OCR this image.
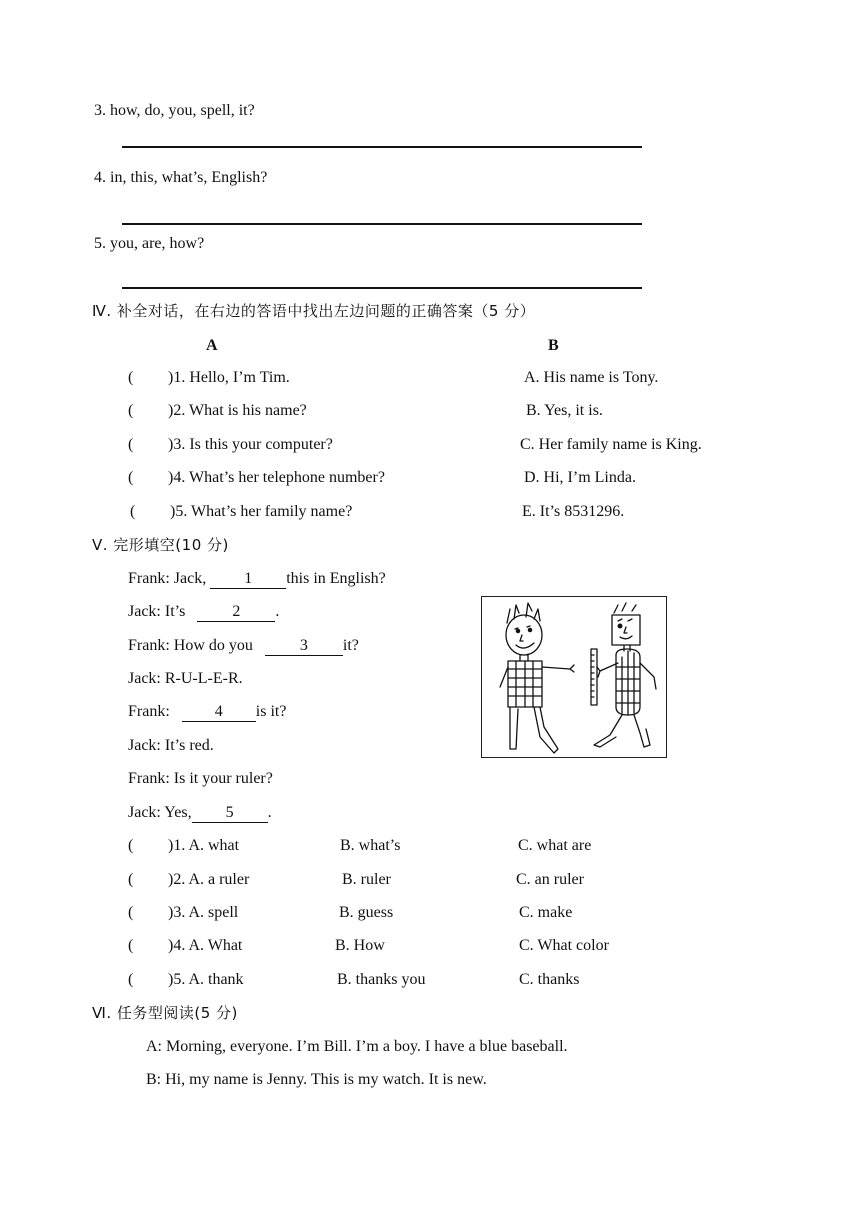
3. how, do, you, spell, it?
4. in, this, what’s, English?
5. you, are, how?
Ⅳ. 补全对话，在右边的答语中找出左边问题的正确答案（5 分）
A	B
( )1. Hello, I’m Tim.	A. His name is Tony.
( )2. What is his name?	B. Yes, it is.
( )3. Is this your computer?	C. Her family name is King.
( )4. What’s her telephone number?	D. Hi, I’m Linda.
( )5. What’s her family name?	E. It’s 8531296.
Ⅴ. 完形填空(10 分)
Frank: Jack, 1 this in English?
Jack: It’s	2 .
Frank: How do you	3 it?
Jack: R-U-L-E-R.
Frank:	4 is it?
Jack: It’s red.
Frank: Is it your ruler?
Jack: Yes, 5 .
( )1. A. what	B. what’s	C. what are
( )2. A. a ruler	B. ruler	C. an ruler
( )3. A. spell	B. guess	C. make
( )4. A. What	B. How	C. What color
( )5. A. thank	B. thanks you	C. thanks
Ⅵ. 任务型阅读(5 分)
A: Morning, everyone. I’m Bill. I’m a boy. I have a blue baseball.
B: Hi, my name is Jenny. This is my watch. It is new.
